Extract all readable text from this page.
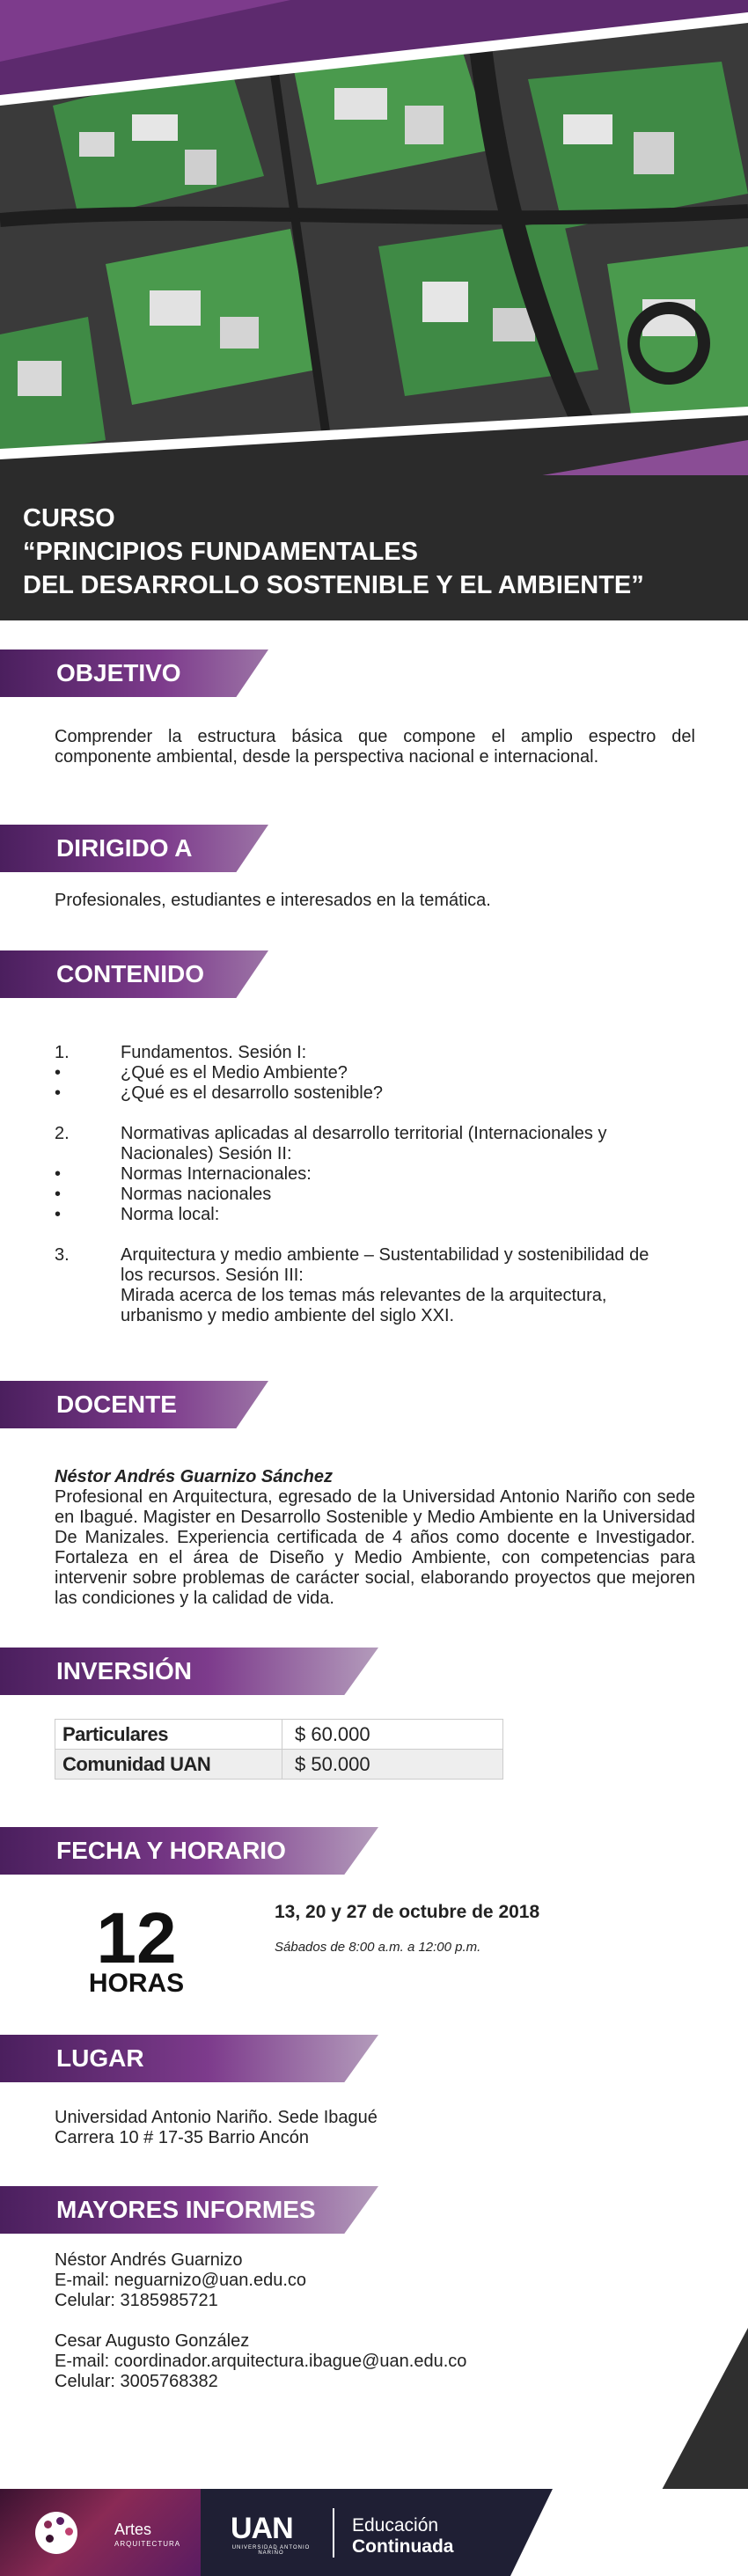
CURSO
“PRINCIPIOS FUNDAMENTALES
DEL DESARROLLO SOSTENIBLE Y EL AMBIENTE”
OBJETIVO
Comprender la estructura básica que compone el amplio espectro del componente ambiental, desde la perspectiva nacional e internacional.
DIRIGIDO A
Profesionales, estudiantes e interesados en la temática.
CONTENIDO
1.	Fundamentos. Sesión I:
•	¿Qué es el Medio Ambiente?
•	¿Qué es el desarrollo sostenible?
2.	Normativas aplicadas al desarrollo territorial (Internacionales y Nacionales) Sesión II:
•	Normas Internacionales:
•	Normas nacionales
•	Norma local:
3.	Arquitectura y medio ambiente – Sustentabilidad y sostenibilidad de los recursos. Sesión III:
Mirada acerca de los temas más relevantes de la arquitectura, urbanismo y medio ambiente del siglo XXI.
DOCENTE
Néstor Andrés Guarnizo Sánchez
Profesional en Arquitectura, egresado de la Universidad Antonio Nariño con sede en Ibagué. Magister en Desarrollo Sostenible y Medio Ambiente en la Universidad De Manizales. Experiencia certificada de 4 años como docente e Investigador. Fortaleza en el área de Diseño y Medio Ambiente, con competencias para intervenir sobre problemas de carácter social, elaborando proyectos que mejoren las condiciones y la calidad de vida.
INVERSIÓN
Particulares	$ 60.000
Comunidad UAN	$ 50.000
FECHA Y HORARIO
12
HORAS
13, 20 y 27 de octubre de 2018
Sábados de 8:00 a.m. a 12:00 p.m.
LUGAR
Universidad Antonio Nariño. Sede Ibagué
Carrera 10 # 17-35 Barrio Ancón
MAYORES INFORMES
Néstor Andrés Guarnizo
E-mail: neguarnizo@uan.edu.co
Celular: 3185985721
Cesar Augusto González
E-mail: coordinador.arquitectura.ibague@uan.edu.co
Celular: 3005768382
Artes
ARQUITECTURA UAN
UNIVERSIDAD ANTONIO NARIÑO
Educación
Continuada
